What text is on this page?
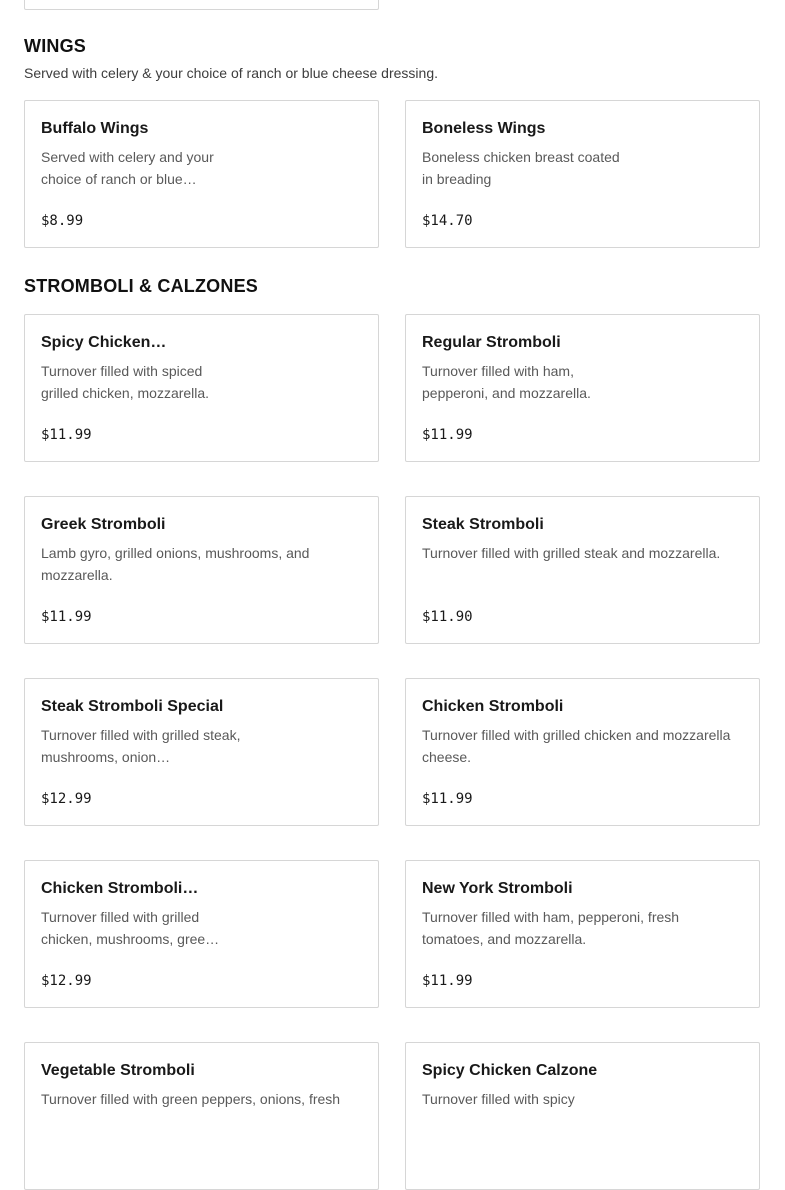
WINGS
Served with celery & your choice of ranch or blue cheese dressing.
Buffalo Wings
Served with celery and your choice of ranch or blue…
$8.99
Boneless Wings
Boneless chicken breast coated in breading
$14.70
STROMBOLI & CALZONES
Spicy Chicken…
Turnover filled with spiced grilled chicken, mozzarella.
$11.99
Regular Stromboli
Turnover filled with ham, pepperoni, and mozzarella.
$11.99
Greek Stromboli
Lamb gyro, grilled onions, mushrooms, and mozzarella.
$11.99
Steak Stromboli
Turnover filled with grilled steak and mozzarella.
$11.90
Steak Stromboli Special
Turnover filled with grilled steak, mushrooms, onion…
$12.99
Chicken Stromboli
Turnover filled with grilled chicken and mozzarella cheese.
$11.99
Chicken Stromboli…
Turnover filled with grilled chicken, mushrooms, gree…
$12.99
New York Stromboli
Turnover filled with ham, pepperoni, fresh tomatoes, and mozzarella.
$11.99
Vegetable Stromboli
Turnover filled with green peppers, onions, fresh
Spicy Chicken Calzone
Turnover filled with spicy
